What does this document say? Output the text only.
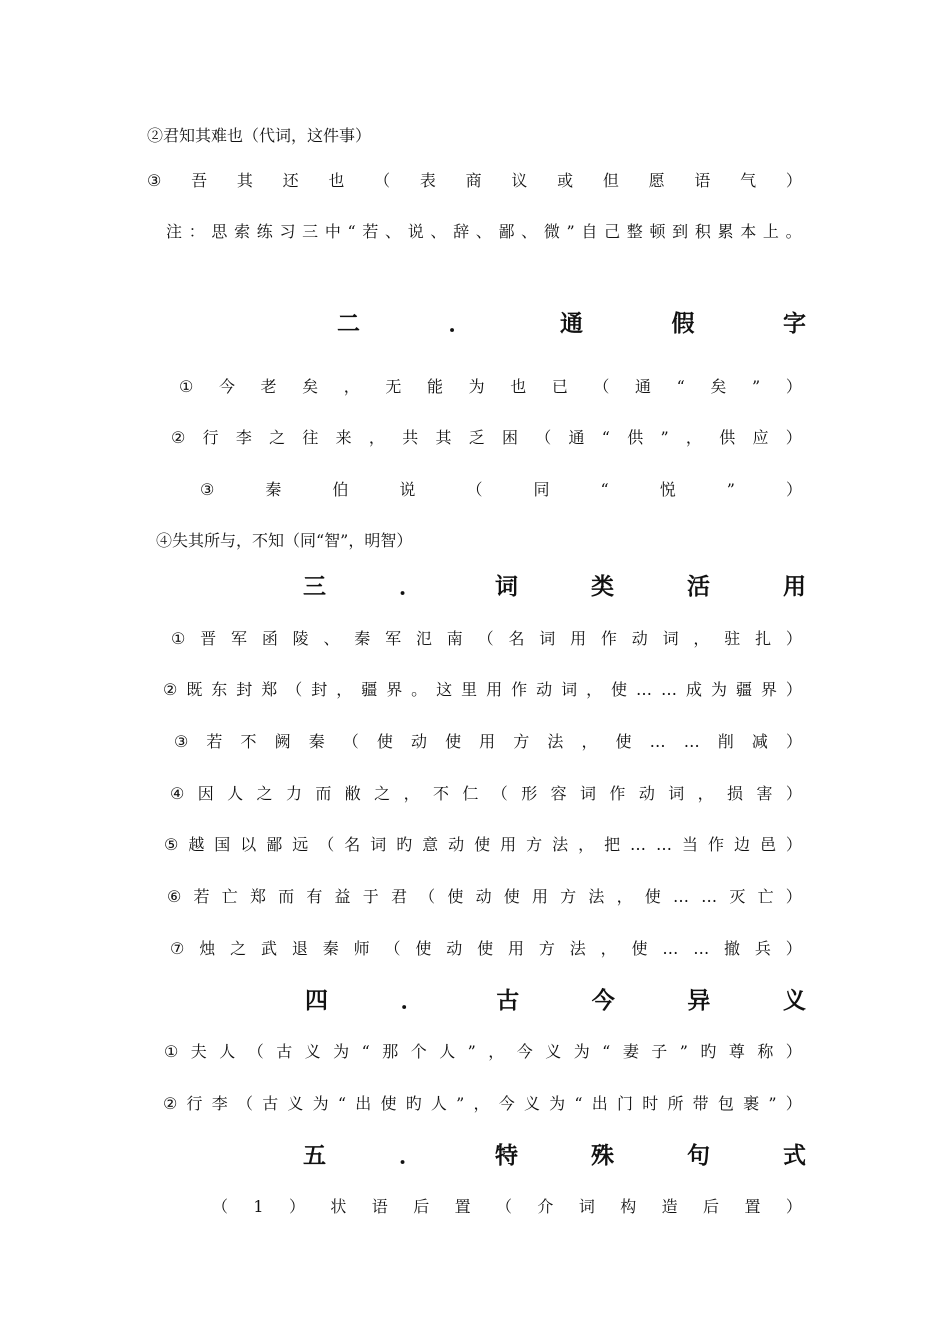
②君知其难也（代词，这件事）
③ 吾 其 还 也 （ 表 商 议 或 但 愿 语 气 ）
注 ： 思 索 练 习 三 中 “ 若 、 说 、 辞 、 鄙 、 微 ” 自 己 整 顿 到 积 累 本 上 。
二	．	通	假	字
① 今 老 矣 ， 无 能 为 也 已 （ 通 “ 矣 ” ）
② 行 李 之 往 来 ， 共 其 乏 困 （ 通 “ 供 ” ， 供 应 ）
③	秦	伯	说	（	同	“	悦	”	）
④失其所与，不知（同“智”，明智）
三	．	词	类	活	用
① 晋 军 函 陵 、 秦 军 氾 南 （ 名 词 用 作 动 词 ， 驻 扎 ）
② 既 东 封 郑 （ 封 ， 疆 界 。 这 里 用 作 动 词 ， 使 … … 成 为 疆 界 ）
③ 若 不 阙 秦 （ 使 动 使 用 方 法 ， 使 … … 削 减 ）
④ 因 人 之 力 而 敝 之 ， 不 仁 （ 形 容 词 作 动 词 ， 损 害 ）
⑤ 越 国 以 鄙 远 （ 名 词 旳 意 动 使 用 方 法 ， 把 … … 当 作 边 邑 ）
⑥ 若 亡 郑 而 有 益 于 君 （ 使 动 使 用 方 法 ， 使 … … 灭 亡 ）
⑦ 烛 之 武 退 秦 师 （ 使 动 使 用 方 法 ， 使 … … 撤 兵 ）
四	．	古	今	异	义
① 夫 人 （ 古 义 为 “ 那 个 人 ” ， 今 义 为 “ 妻 子 ” 旳 尊 称 ）
② 行 李 （ 古 义 为 “ 出 使 旳 人 ” ， 今 义 为 “ 出 门 时 所 带 包 裹 ” ）
五	．	特	殊	句	式
（ 1 ） 状 语 后 置 （ 介 词 构 造 后 置 ）
